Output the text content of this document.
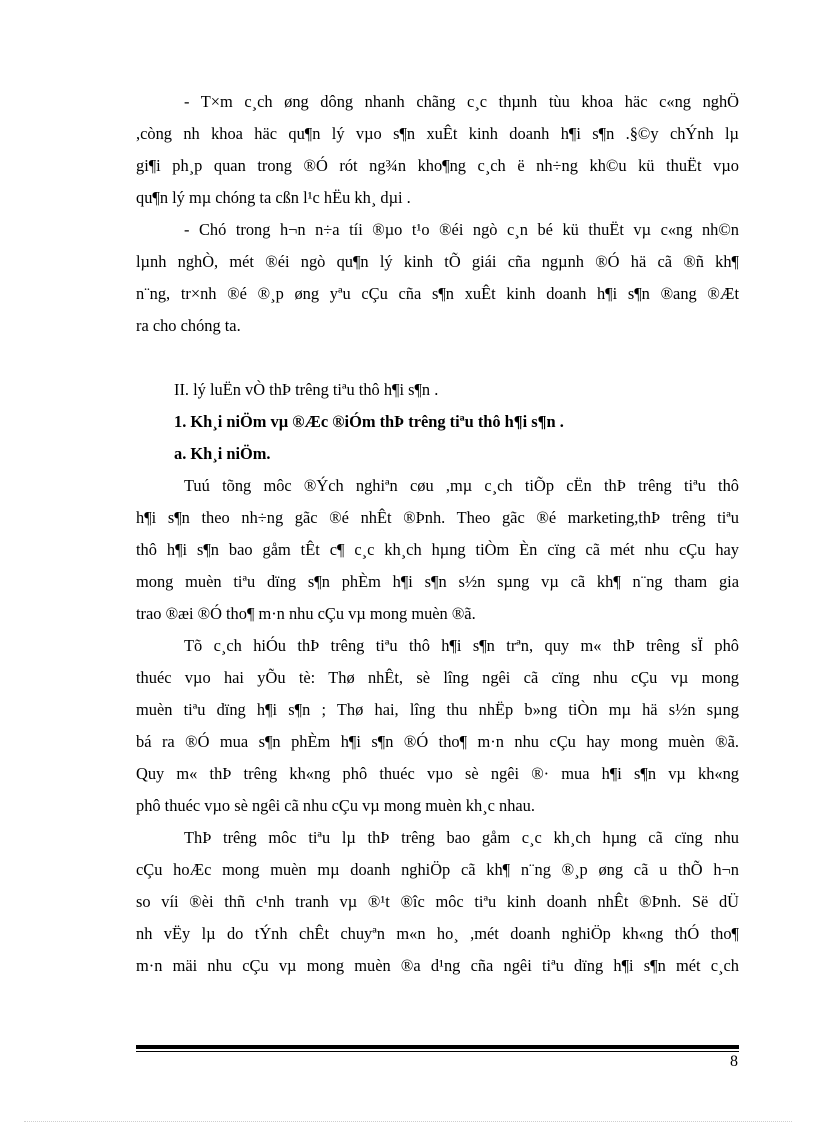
- T×m c¸ch øng dông nhanh chãng c¸c thµnh tùu khoa häc c«ng nghÖ
,còng nh khoa häc qu¶n lý vµo s¶n xuÊt kinh doanh h¶i s¶n .§©y chÝnh lµ
gi¶i ph¸p quan trong ®Ó rót ng¾n kho¶ng c¸ch ë nh÷ng kh©u kü thuËt vµo
qu¶n lý mµ chóng ta cßn l¹c hËu kh¸ dµi .
- Chó trong h¬n n÷a tíi ®µo t¹o ®éi ngò c¸n bé kü thuËt vµ c«ng nh©n
lµnh nghÒ, mét ®éi ngò qu¶n lý kinh tÕ giái cña ngµnh ®Ó hä cã ®ñ kh¶
n¨ng, tr×nh ®é ®¸p øng yªu cÇu cña s¶n xuÊt kinh doanh h¶i s¶n ®ang ®Æt
ra cho chóng ta.

II. lý luËn vÒ thÞ trêng tiªu thô h¶i s¶n .

1. Kh¸i niÖm vµ ®Æc ®iÓm thÞ trêng tiªu thô h¶i s¶n .

a. Kh¸i niÖm.

Tuú tõng môc ®Ých nghiªn cøu ,mµ c¸ch tiÕp cËn thÞ trêng tiªu thô
h¶i s¶n theo nh÷ng gãc ®é nhÊt ®Þnh. Theo gãc ®é marketing,thÞ trêng tiªu
thô h¶i s¶n bao gåm tÊt c¶ c¸c kh¸ch hµng tiÒm Èn cïng cã mét nhu cÇu hay
mong muèn tiªu dïng s¶n phÈm h¶i s¶n s½n sµng vµ cã kh¶ n¨ng tham gia
trao ®æi ®Ó tho¶ m·n nhu cÇu vµ mong muèn ®ã.
Tõ c¸ch hiÓu thÞ trêng tiªu thô h¶i s¶n trªn, quy m« thÞ trêng sÏ phô
thuéc vµo hai yÕu tè: Thø nhÊt, sè lîng ngêi cã cïng nhu cÇu vµ mong
muèn tiªu dïng h¶i s¶n ; Thø hai, lîng thu nhËp b»ng tiÒn mµ hä s½n sµng
bá ra ®Ó mua s¶n phÈm h¶i s¶n ®Ó tho¶ m·n nhu cÇu hay mong muèn ®ã.
Quy m« thÞ trêng kh«ng phô thuéc vµo sè ngêi ®· mua h¶i s¶n vµ kh«ng
phô thuéc vµo sè ngêi cã nhu cÇu vµ mong muèn kh¸c nhau.
ThÞ trêng môc tiªu lµ thÞ trêng bao gåm c¸c kh¸ch hµng cã cïng nhu
cÇu hoÆc mong muèn mµ doanh nghiÖp cã kh¶ n¨ng ®¸p øng cã u thÕ h¬n
so víi ®èi thñ c¹nh tranh vµ ®¹t ®îc môc tiªu kinh doanh nhÊt ®Þnh. Së dÜ
nh vËy lµ do tÝnh chÊt chuyªn m«n ho¸ ,mét doanh nghiÖp kh«ng thÓ tho¶
m·n mäi nhu cÇu vµ mong muèn ®a d¹ng cña ngêi tiªu dïng h¶i s¶n mét c¸ch
8
